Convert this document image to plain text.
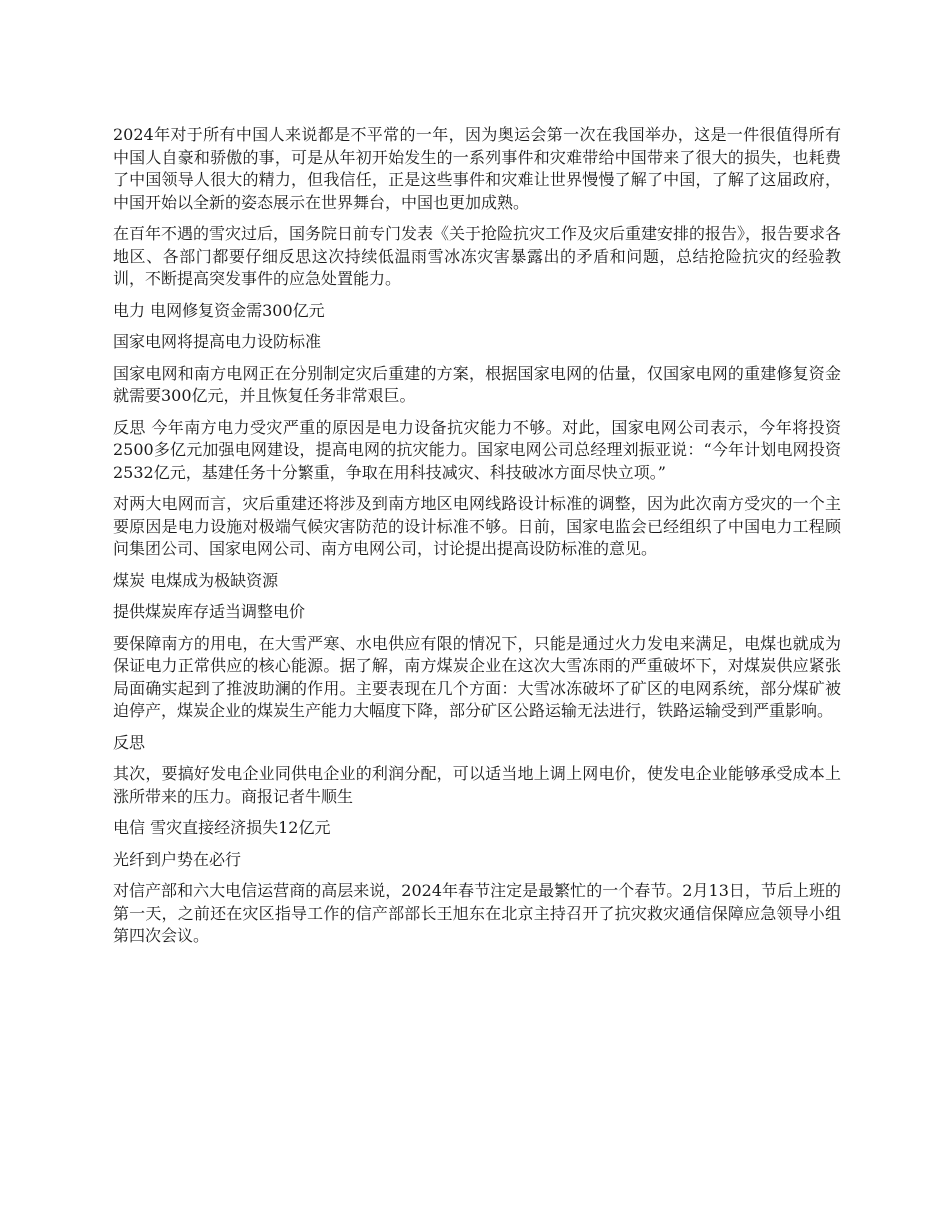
2024年对于所有中国人来说都是不平常的一年，因为奥运会第一次在我国举办，这是一件很值得所有中国人自豪和骄傲的事，可是从年初开始发生的一系列事件和灾难带给中国带来了很大的损失，也耗费了中国领导人很大的精力，但我信任，正是这些事件和灾难让世界慢慢了解了中国，了解了这届政府，中国开始以全新的姿态展示在世界舞台，中国也更加成熟。

在百年不遇的雪灾过后，国务院日前专门发表《关于抢险抗灾工作及灾后重建安排的报告》，报告要求各地区、各部门都要仔细反思这次持续低温雨雪冰冻灾害暴露出的矛盾和问题，总结抢险抗灾的经验教训，不断提高突发事件的应急处置能力。

电力 电网修复资金需300亿元

国家电网将提高电力设防标准

国家电网和南方电网正在分别制定灾后重建的方案，根据国家电网的估量，仅国家电网的重建修复资金就需要300亿元，并且恢复任务非常艰巨。

反思 今年南方电力受灾严重的原因是电力设备抗灾能力不够。对此，国家电网公司表示，今年将投资2500多亿元加强电网建设，提高电网的抗灾能力。国家电网公司总经理刘振亚说：“今年计划电网投资2532亿元，基建任务十分繁重，争取在用科技减灾、科技破冰方面尽快立项。”

对两大电网而言，灾后重建还将涉及到南方地区电网线路设计标准的调整，因为此次南方受灾的一个主要原因是电力设施对极端气候灾害防范的设计标准不够。日前，国家电监会已经组织了中国电力工程顾问集团公司、国家电网公司、南方电网公司，讨论提出提高设防标准的意见。

煤炭 电煤成为极缺资源

提供煤炭库存适当调整电价

要保障南方的用电，在大雪严寒、水电供应有限的情况下，只能是通过火力发电来满足，电煤也就成为保证电力正常供应的核心能源。据了解，南方煤炭企业在这次大雪冻雨的严重破坏下，对煤炭供应紧张局面确实起到了推波助澜的作用。主要表现在几个方面：大雪冰冻破坏了矿区的电网系统，部分煤矿被迫停产，煤炭企业的煤炭生产能力大幅度下降，部分矿区公路运输无法进行，铁路运输受到严重影响。

反思

其次，要搞好发电企业同供电企业的利润分配，可以适当地上调上网电价，使发电企业能够承受成本上涨所带来的压力。商报记者牛顺生

电信 雪灾直接经济损失12亿元

光纤到户势在必行

对信产部和六大电信运营商的高层来说，2024年春节注定是最繁忙的一个春节。2月13日，节后上班的第一天，之前还在灾区指导工作的信产部部长王旭东在北京主持召开了抗灾救灾通信保障应急领导小组第四次会议。
